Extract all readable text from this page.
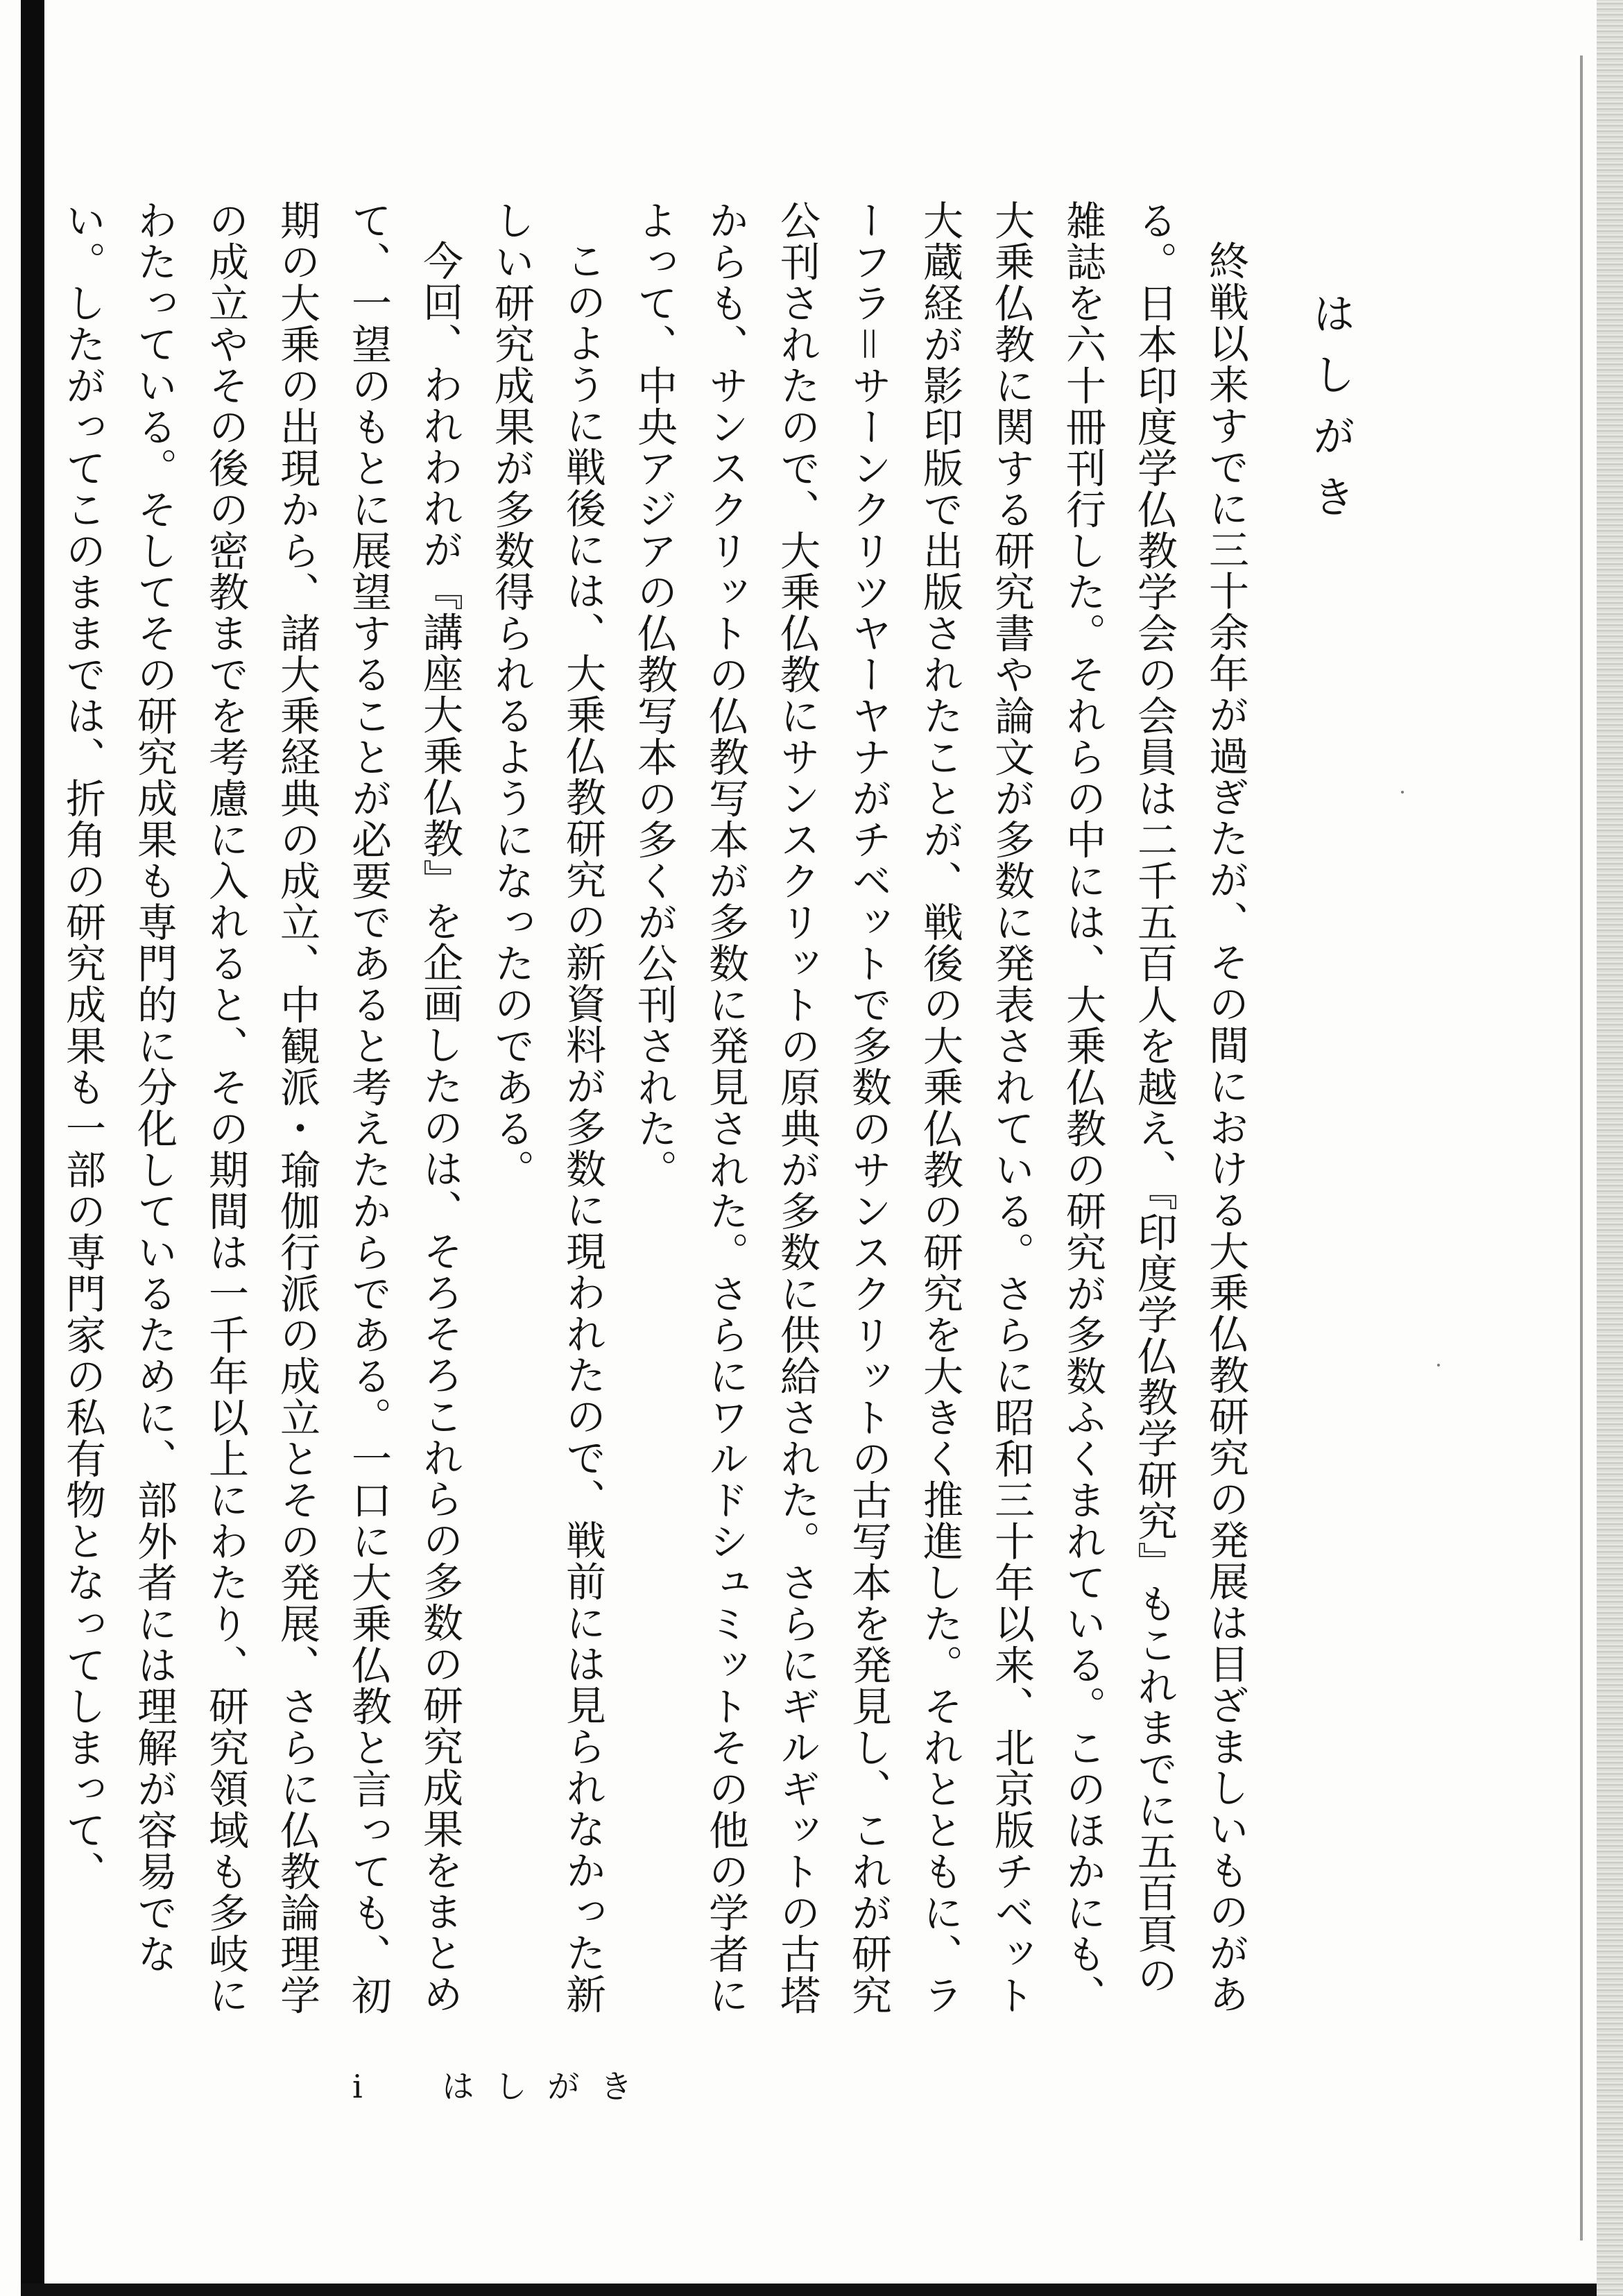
はしがき

終戦以来すでに三十余年が過ぎたが、その間における大乗仏教研究の発展は目ざましいものがある。日本印度学仏教学会の会員は二千五百人を越え、『印度学仏教学研究』もこれまでに五百頁の雑誌を六十冊刊行した。それらの中には、大乗仏教の研究が多数ふくまれている。このほかにも、大乗仏教に関する研究書や論文が多数に発表されている。さらに昭和三十年以来、北京版チベット大蔵経が影印版で出版されたことが、戦後の大乗仏教の研究を大きく推進した。それとともに、ラーフラ＝サーンクリツヤーヤナがチベットで多数のサンスクリットの古写本を発見し、これが研究公刊されたので、大乗仏教にサンスクリットの原典が多数に供給された。さらにギルギットの古塔からも、サンスクリットの仏教写本が多数に発見された。さらにワルドシュミットその他の学者によって、中央アジアの仏教写本の多くが公刊された。

このように戦後には、大乗仏教研究の新資料が多数に現われたので、戦前には見られなかった新しい研究成果が多数得られるようになったのである。

今回、われわれが『講座大乗仏教』を企画したのは、そろそろこれらの多数の研究成果をまとめて、一望のもとに展望することが必要であると考えたからである。一口に大乗仏教と言っても、初期の大乗の出現から、諸大乗経典の成立、中観派・瑜伽行派の成立とその発展、さらに仏教論理学の成立やその後の密教までを考慮に入れると、その期間は一千年以上にわたり、研究領域も多岐にわたっている。そしてその研究成果も専門的に分化しているために、部外者には理解が容易でない。したがってこのままでは、折角の研究成果も一部の専門家の私有物となってしまって、

i はしがき
